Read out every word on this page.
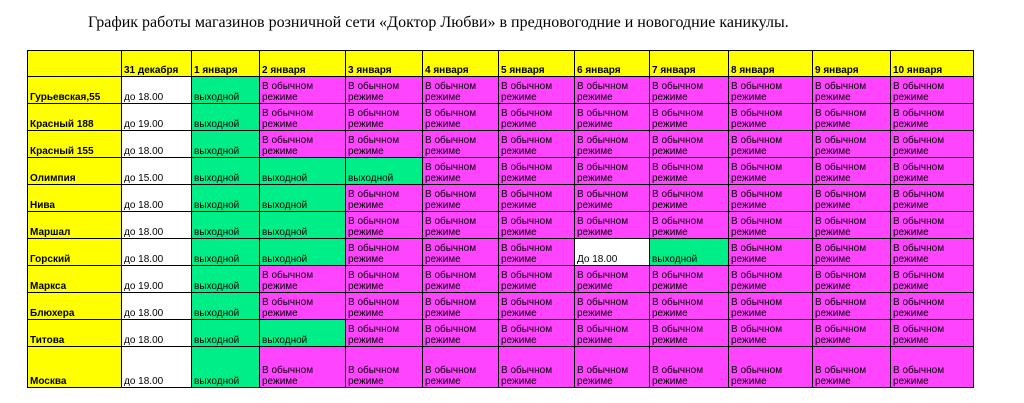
График работы магазинов розничной сети «Доктор Любви» в предновогодние и новогодние каникулы.
	31 декабря	1 января	2 января	3 января	4 января	5 января	6 января	7 января	8 января	9 января	10 января
Гурьевская,55	до 18.00	выходной	В обычном режиме	В обычном режиме	В обычном режиме	В обычном режиме	В обычном режиме	В обычном режиме	В обычном режиме	В обычном режиме	В обычном режиме
Красный 188	до 19.00	выходной	В обычном режиме	В обычном режиме	В обычном режиме	В обычном режиме	В обычном режиме	В обычном режиме	В обычном режиме	В обычном режиме	В обычном режиме
Красный 155	до 18.00	выходной	В обычном режиме	В обычном режиме	В обычном режиме	В обычном режиме	В обычном режиме	В обычном режиме	В обычном режиме	В обычном режиме	В обычном режиме
Олимпия	до 15.00	выходной	выходной	выходной	В обычном режиме	В обычном режиме	В обычном режиме	В обычном режиме	В обычном режиме	В обычном режиме	В обычном режиме
Нива	до 18.00	выходной	выходной	В обычном режиме	В обычном режиме	В обычном режиме	В обычном режиме	В обычном режиме	В обычном режиме	В обычном режиме	В обычном режиме
Маршал	до 18.00	выходной	выходной	В обычном режиме	В обычном режиме	В обычном режиме	В обычном режиме	В обычном режиме	В обычном режиме	В обычном режиме	В обычном режиме
Горский	до 18.00	выходной	выходной	В обычном режиме	В обычном режиме	В обычном режиме	До 18.00	выходной	В обычном режиме	В обычном режиме	В обычном режиме
Маркса	до 19.00	выходной	В обычном режиме	В обычном режиме	В обычном режиме	В обычном режиме	В обычном режиме	В обычном режиме	В обычном режиме	В обычном режиме	В обычном режиме
Блюхера	до 18.00	выходной	В обычном режиме	В обычном режиме	В обычном режиме	В обычном режиме	В обычном режиме	В обычном режиме	В обычном режиме	В обычном режиме	В обычном режиме
Титова	до 18.00	выходной	выходной	В обычном режиме	В обычном режиме	В обычном режиме	В обычном режиме	В обычном режиме	В обычном режиме	В обычном режиме	В обычном режиме
Москва	до 18.00	выходной	В обычном режиме	В обычном режиме	В обычном режиме	В обычном режиме	В обычном режиме	В обычном режиме	В обычном режиме	В обычном режиме	В обычном режиме
